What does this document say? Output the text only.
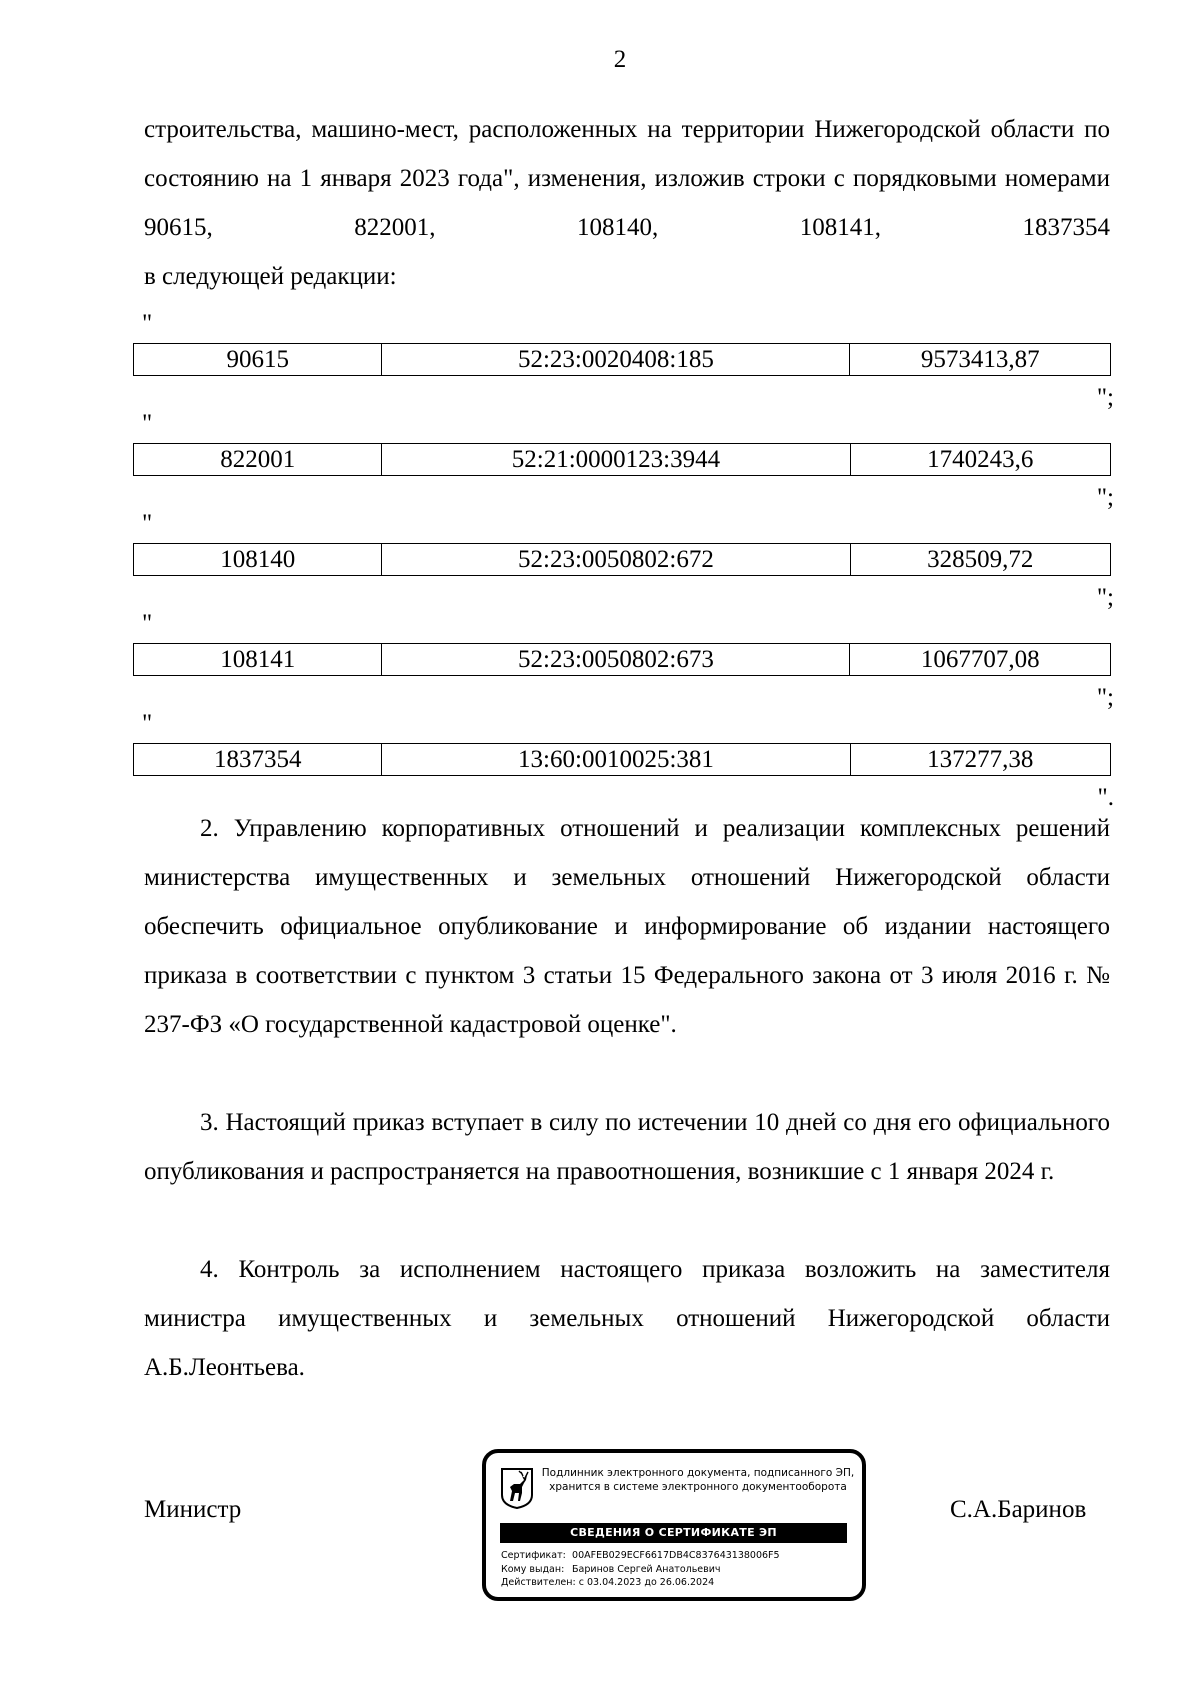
2

строительства, машино-мест, расположенных на территории Нижегородской области по состоянию на 1 января 2023 года", изменения, изложив строки с порядковыми номерами 90615, 822001, 108140, 108141, 1837354

в следующей редакции:

"
90615	52:23:0020408:185	9573413,87
";
"
822001	52:21:0000123:3944	1740243,6
";
"
108140	52:23:0050802:672	328509,72
";
"
108141	52:23:0050802:673	1067707,08
";
"
1837354	13:60:0010025:381	137277,38
".

2. Управлению корпоративных отношений и реализации комплексных решений министерства имущественных и земельных отношений Нижегородской области обеспечить официальное опубликование и информирование об издании настоящего приказа в соответствии с пунктом 3 статьи 15 Федерального закона от 3 июля 2016 г. № 237-ФЗ «О государственной кадастровой оценке".

3. Настоящий приказ вступает в силу по истечении 10 дней со дня его официального опубликования и распространяется на правоотношения, возникшие с 1 января 2024 г.

4. Контроль за исполнением настоящего приказа возложить на заместителя министра имущественных и земельных отношений Нижегородской области А.Б.Леонтьева.

Министр	С.А.Баринов
Подлинник электронного документа, подписанного ЭП,
хранится в системе электронного документооборота
СВЕДЕНИЯ О СЕРТИФИКАТЕ ЭП
Сертификат: 00AFEB029ECF6617DB4C837643138006F5
Кому выдан: Баринов Сергей Анатольевич
Действителен: с 03.04.2023 до 26.06.2024
